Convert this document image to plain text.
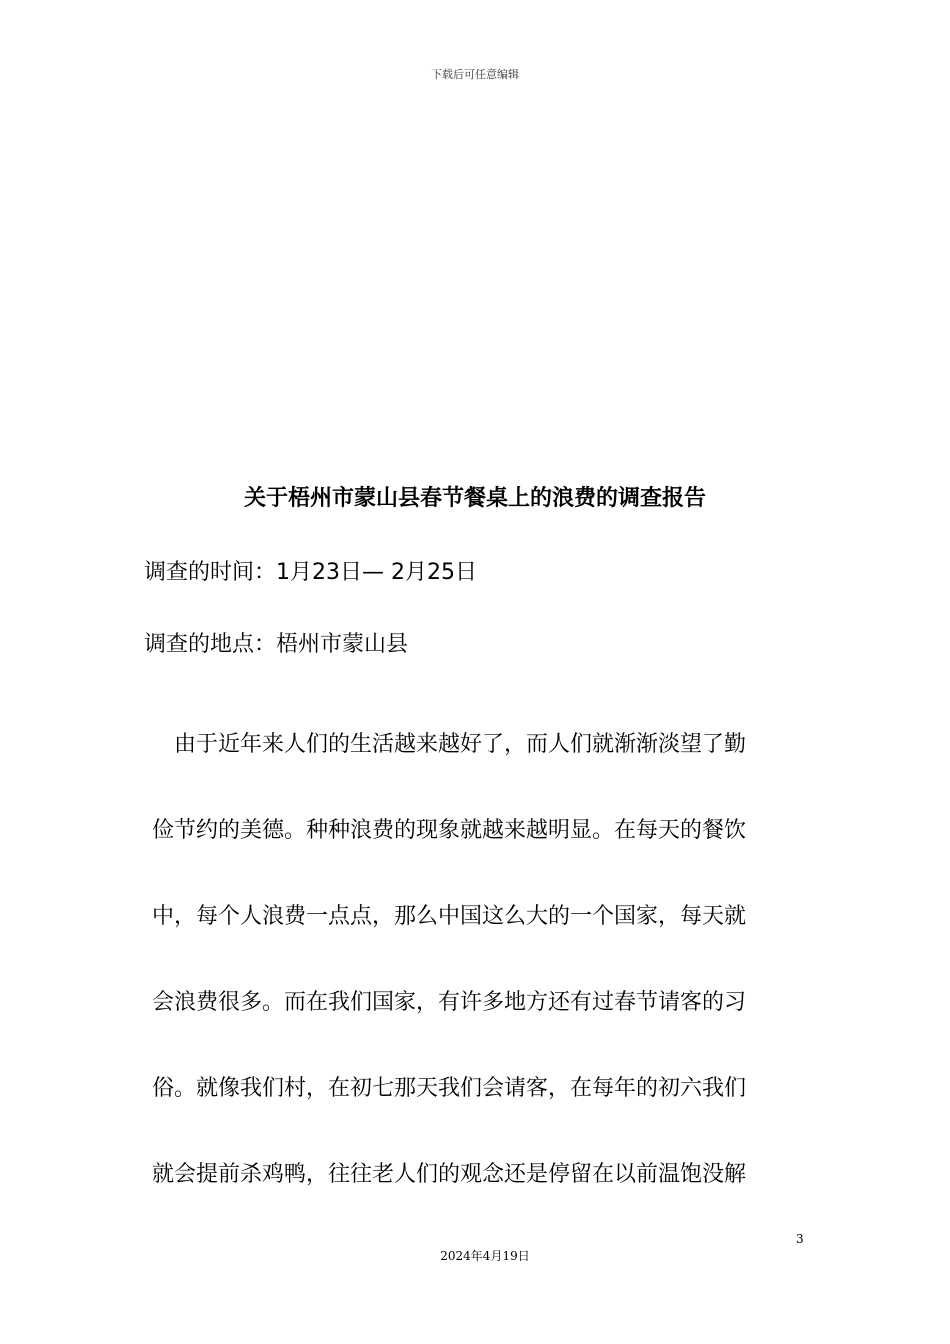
下载后可任意编辑
关于梧州市蒙山县春节餐桌上的浪费的调查报告
调查的时间：1月23日— 2月25日
调查的地点：梧州市蒙山县
由于近年来人们的生活越来越好了，而人们就渐渐淡望了勤
俭节约的美德。种种浪费的现象就越来越明显。在每天的餐饮
中，每个人浪费一点点，那么中国这么大的一个国家，每天就
会浪费很多。而在我们国家，有许多地方还有过春节请客的习
俗。就像我们村，在初七那天我们会请客，在每年的初六我们
就会提前杀鸡鸭，往往老人们的观念还是停留在以前温饱没解
3
2024年4月19日
